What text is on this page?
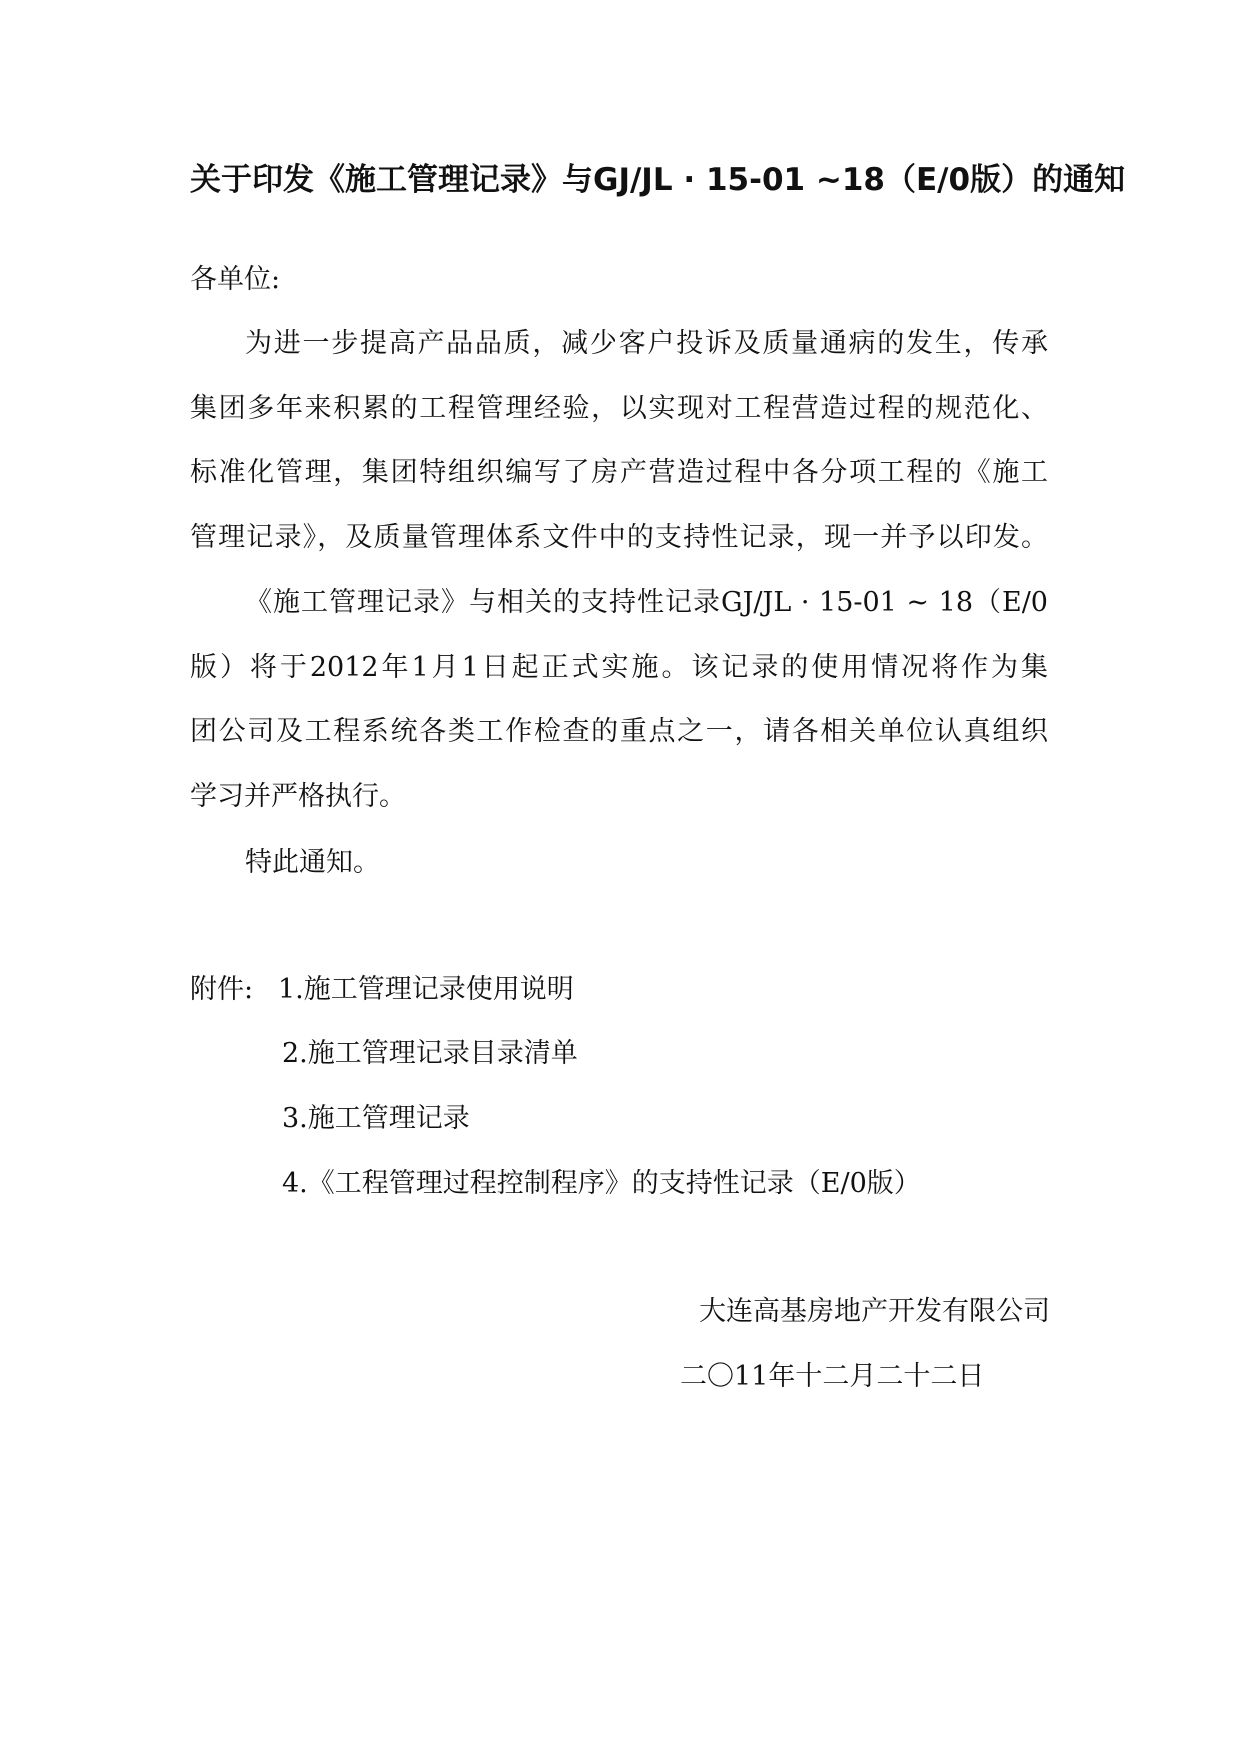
关于印发《施工管理记录》与GJ/JL · 15-01 ~18（E/0版）的通知
各单位:
为进一步提高产品品质，减少客户投诉及质量通病的发生，传承
集团多年来积累的工程管理经验，以实现对工程营造过程的规范化、
标准化管理，集团特组织编写了房产营造过程中各分项工程的《施工
管理记录》，及质量管理体系文件中的支持性记录，现一并予以印发。
《施工管理记录》与相关的支持性记录GJ/JL · 15-01 ~ 18（E/0
版）将于2012年1月1日起正式实施。该记录的使用情况将作为集
团公司及工程系统各类工作检查的重点之一，请各相关单位认真组织
学习并严格执行。
特此通知。
附件: 1.施工管理记录使用说明
2.施工管理记录目录清单
3.施工管理记录
4.《工程管理过程控制程序》的支持性记录（E/0版）
大连高基房地产开发有限公司
二〇11年十二月二十二日
